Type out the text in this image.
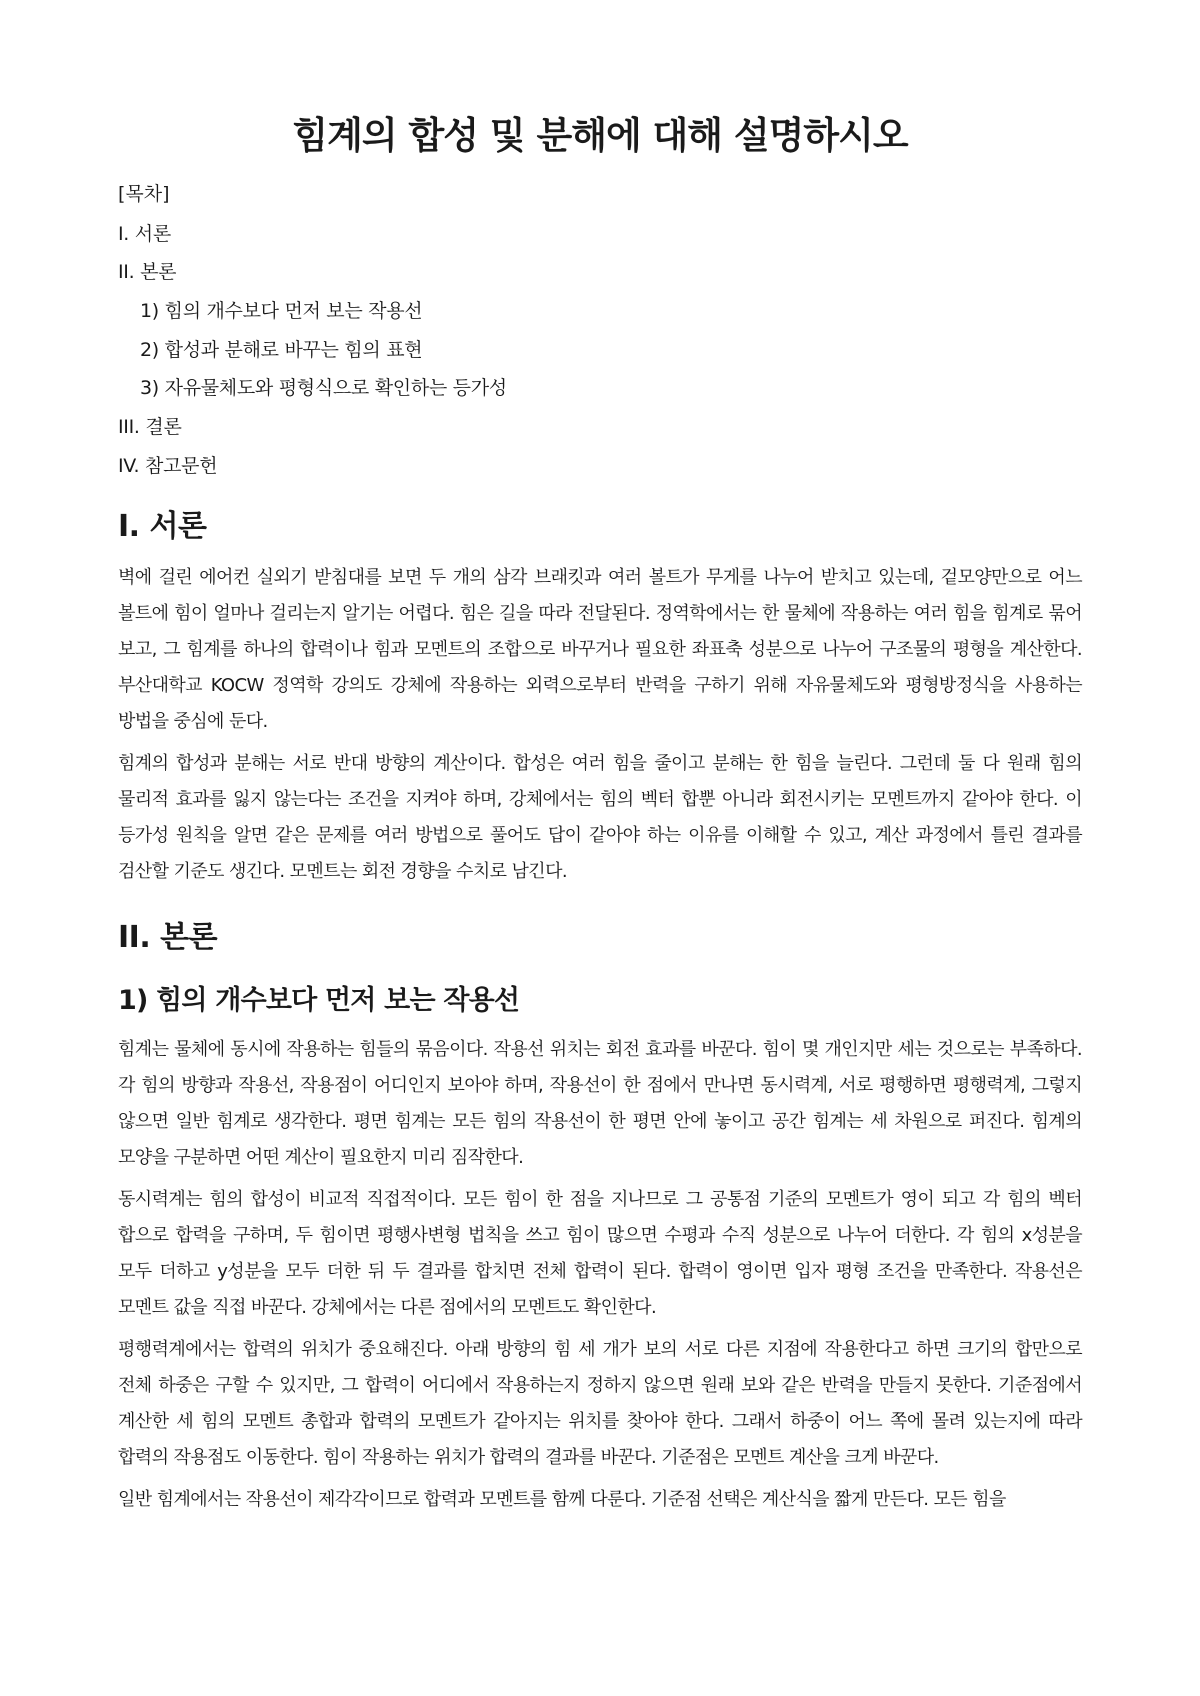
힘계의 합성 및 분해에 대해 설명하시오
[목차]
I. 서론
II. 본론
1) 힘의 개수보다 먼저 보는 작용선
2) 합성과 분해로 바꾸는 힘의 표현
3) 자유물체도와 평형식으로 확인하는 등가성
III. 결론
IV. 참고문헌
I. 서론

벽에 걸린 에어컨 실외기 받침대를 보면 두 개의 삼각 브래킷과 여러 볼트가 무게를 나누어 받치고 있는데, 겉모양만으로 어느 볼트에 힘이 얼마나 걸리는지 알기는 어렵다. 힘은 길을 따라 전달된다. 정역학에서는 한 물체에 작용하는 여러 힘을 힘계로 묶어 보고, 그 힘계를 하나의 합력이나 힘과 모멘트의 조합으로 바꾸거나 필요한 좌표축 성분으로 나누어 구조물의 평형을 계산한다. 부산대학교 KOCW 정역학 강의도 강체에 작용하는 외력으로부터 반력을 구하기 위해 자유물체도와 평형방정식을 사용하는 방법을 중심에 둔다.

힘계의 합성과 분해는 서로 반대 방향의 계산이다. 합성은 여러 힘을 줄이고 분해는 한 힘을 늘린다. 그런데 둘 다 원래 힘의 물리적 효과를 잃지 않는다는 조건을 지켜야 하며, 강체에서는 힘의 벡터 합뿐 아니라 회전시키는 모멘트까지 같아야 한다. 이 등가성 원칙을 알면 같은 문제를 여러 방법으로 풀어도 답이 같아야 하는 이유를 이해할 수 있고, 계산 과정에서 틀린 결과를 검산할 기준도 생긴다. 모멘트는 회전 경향을 수치로 남긴다.

II. 본론
1) 힘의 개수보다 먼저 보는 작용선

힘계는 물체에 동시에 작용하는 힘들의 묶음이다. 작용선 위치는 회전 효과를 바꾼다. 힘이 몇 개인지만 세는 것으로는 부족하다. 각 힘의 방향과 작용선, 작용점이 어디인지 보아야 하며, 작용선이 한 점에서 만나면 동시력계, 서로 평행하면 평행력계, 그렇지 않으면 일반 힘계로 생각한다. 평면 힘계는 모든 힘의 작용선이 한 평면 안에 놓이고 공간 힘계는 세 차원으로 퍼진다. 힘계의 모양을 구분하면 어떤 계산이 필요한지 미리 짐작한다.

동시력계는 힘의 합성이 비교적 직접적이다. 모든 힘이 한 점을 지나므로 그 공통점 기준의 모멘트가 영이 되고 각 힘의 벡터 합으로 합력을 구하며, 두 힘이면 평행사변형 법칙을 쓰고 힘이 많으면 수평과 수직 성분으로 나누어 더한다. 각 힘의 x성분을 모두 더하고 y성분을 모두 더한 뒤 두 결과를 합치면 전체 합력이 된다. 합력이 영이면 입자 평형 조건을 만족한다. 작용선은 모멘트 값을 직접 바꾼다. 강체에서는 다른 점에서의 모멘트도 확인한다.

평행력계에서는 합력의 위치가 중요해진다. 아래 방향의 힘 세 개가 보의 서로 다른 지점에 작용한다고 하면 크기의 합만으로 전체 하중은 구할 수 있지만, 그 합력이 어디에서 작용하는지 정하지 않으면 원래 보와 같은 반력을 만들지 못한다. 기준점에서 계산한 세 힘의 모멘트 총합과 합력의 모멘트가 같아지는 위치를 찾아야 한다. 그래서 하중이 어느 쪽에 몰려 있는지에 따라 합력의 작용점도 이동한다. 힘이 작용하는 위치가 합력의 결과를 바꾼다. 기준점은 모멘트 계산을 크게 바꾼다.

일반 힘계에서는 작용선이 제각각이므로 합력과 모멘트를 함께 다룬다. 기준점 선택은 계산식을 짧게 만든다. 모든 힘을
